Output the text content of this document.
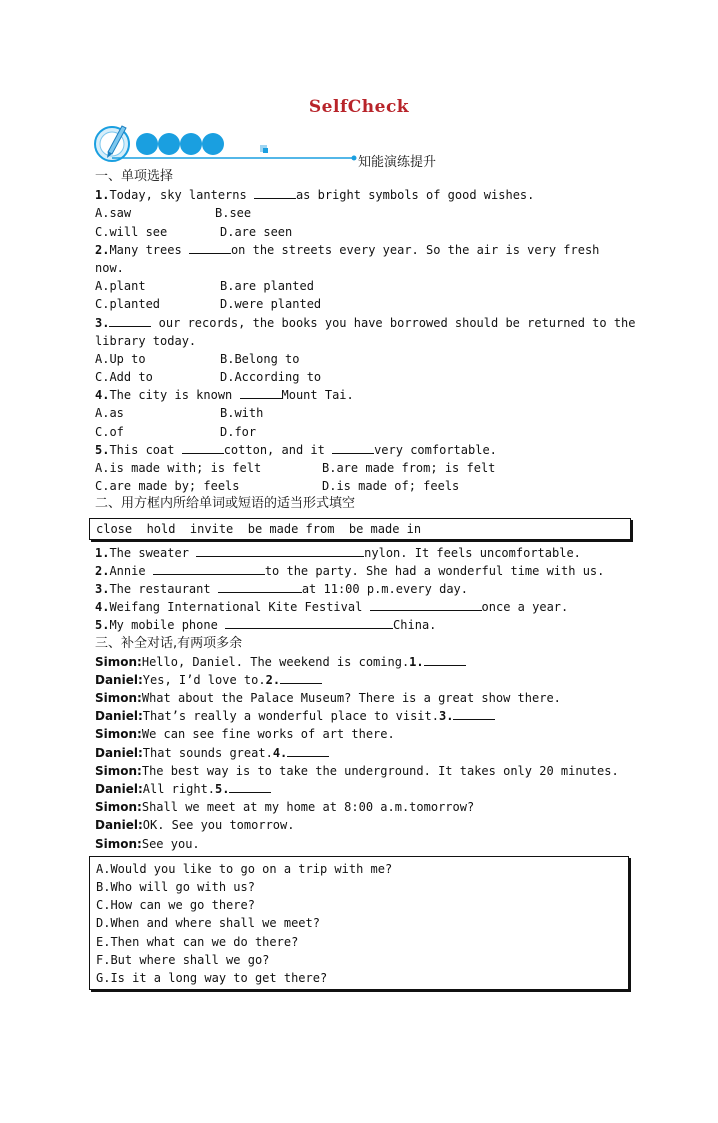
SelfCheck
知能演练提升
一、单项选择
1.Today, sky lanterns	as bright symbols of good wishes.
A.saw	B.see
C.will see	D.are seen
2.Many trees	on the streets every year. So the air is very fresh
now.
A.plant	B.are planted
C.planted	D.were planted
3.	our records, the books you have borrowed should be returned to the
library today.
A.Up to	B.Belong to
C.Add to	D.According to
4.The city is known	Mount Tai.
A.as	B.with
C.of	D.for
5.This coat	cotton, and it	very comfortable.
A.is made with; is felt	B.are made from; is felt
C.are made by; feels	D.is made of; feels
二、用方框内所给单词或短语的适当形式填空
close  hold  invite  be made from  be made in
1.The sweater	nylon. It feels uncomfortable.
2.Annie	to the party. She had a wonderful time with us.
3.The restaurant	at 11:00 p.m.every day.
4.Weifang International Kite Festival	once a year.
5.My mobile phone	China.
三、补全对话,有两项多余
Simon:Hello, Daniel. The weekend is coming.1.
Daniel:Yes, I’d love to.2.
Simon:What about the Palace Museum? There is a great show there.
Daniel:That’s really a wonderful place to visit.3.
Simon:We can see fine works of art there.
Daniel:That sounds great.4.
Simon:The best way is to take the underground. It takes only 20 minutes.
Daniel:All right.5.
Simon:Shall we meet at my home at 8:00 a.m.tomorrow?
Daniel:OK. See you tomorrow.
Simon:See you.
A.Would you like to go on a trip with me?
B.Who will go with us?
C.How can we go there?
D.When and where shall we meet?
E.Then what can we do there?
F.But where shall we go?
G.Is it a long way to get there?
